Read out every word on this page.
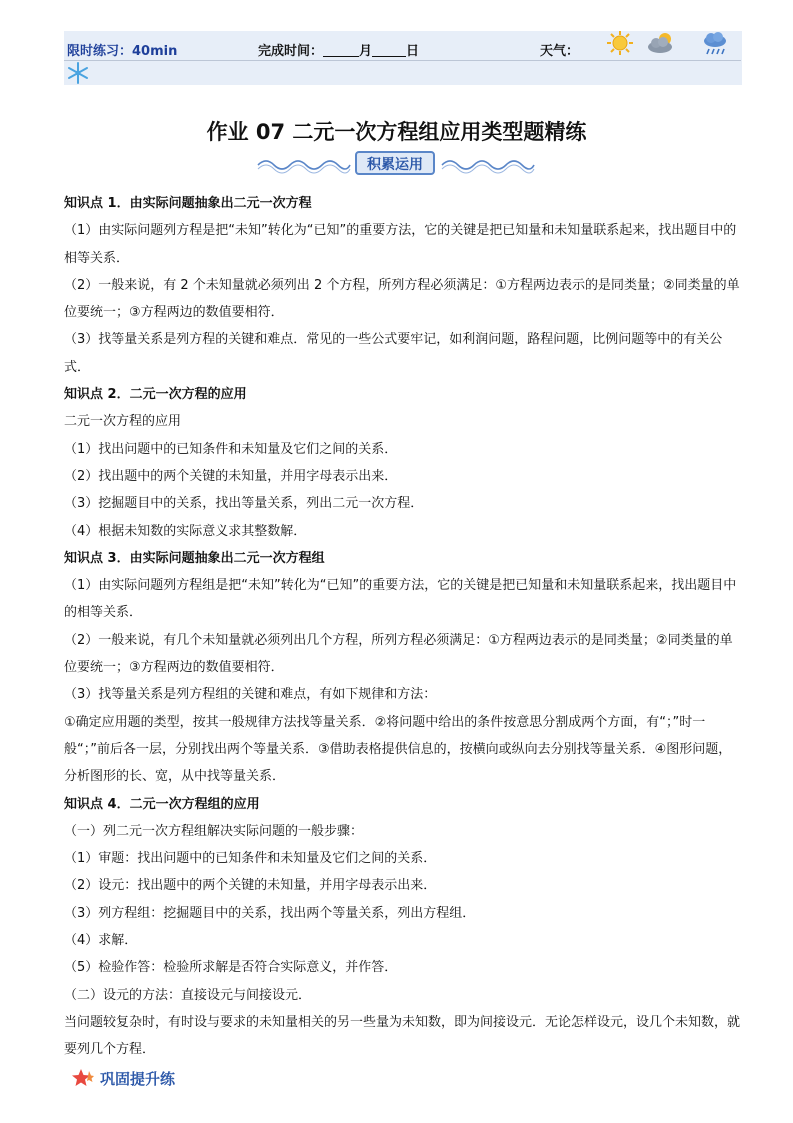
限时练习：40min	完成时间：	月	日	天气：
作业 07 二元一次方程组应用类型题精练
积累运用

知识点 1．由实际问题抽象出二元一次方程

（1）由实际问题列方程是把“未知”转化为“已知”的重要方法，它的关键是把已知量和未知量联系起来，找出题目中的相等关系．

（2）一般来说，有 2 个未知量就必须列出 2 个方程，所列方程必须满足：①方程两边表示的是同类量；②同类量的单位要统一；③方程两边的数值要相符．

（3）找等量关系是列方程的关键和难点．常见的一些公式要牢记，如利润问题，路程问题，比例问题等中的有关公式．

知识点 2．二元一次方程的应用

二元一次方程的应用

（1）找出问题中的已知条件和未知量及它们之间的关系．

（2）找出题中的两个关键的未知量，并用字母表示出来．

（3）挖掘题目中的关系，找出等量关系，列出二元一次方程．

（4）根据未知数的实际意义求其整数解．

知识点 3．由实际问题抽象出二元一次方程组

（1）由实际问题列方程组是把“未知”转化为“已知”的重要方法，它的关键是把已知量和未知量联系起来，找出题目中的相等关系．

（2）一般来说，有几个未知量就必须列出几个方程，所列方程必须满足：①方程两边表示的是同类量；②同类量的单位要统一；③方程两边的数值要相符．

（3）找等量关系是列方程组的关键和难点，有如下规律和方法：

①确定应用题的类型，按其一般规律方法找等量关系．②将问题中给出的条件按意思分割成两个方面，有“；”时一般“；”前后各一层，分别找出两个等量关系．③借助表格提供信息的，按横向或纵向去分别找等量关系．④图形问题，分析图形的长、宽，从中找等量关系．

知识点 4．二元一次方程组的应用

（一）列二元一次方程组解决实际问题的一般步骤：

（1）审题：找出问题中的已知条件和未知量及它们之间的关系．

（2）设元：找出题中的两个关键的未知量，并用字母表示出来．

（3）列方程组：挖掘题目中的关系，找出两个等量关系，列出方程组．

（4）求解．

（5）检验作答：检验所求解是否符合实际意义，并作答．

（二）设元的方法：直接设元与间接设元．

当问题较复杂时，有时设与要求的未知量相关的另一些量为未知数，即为间接设元．无论怎样设元，设几个未知数，就要列几个方程．

巩固提升练
